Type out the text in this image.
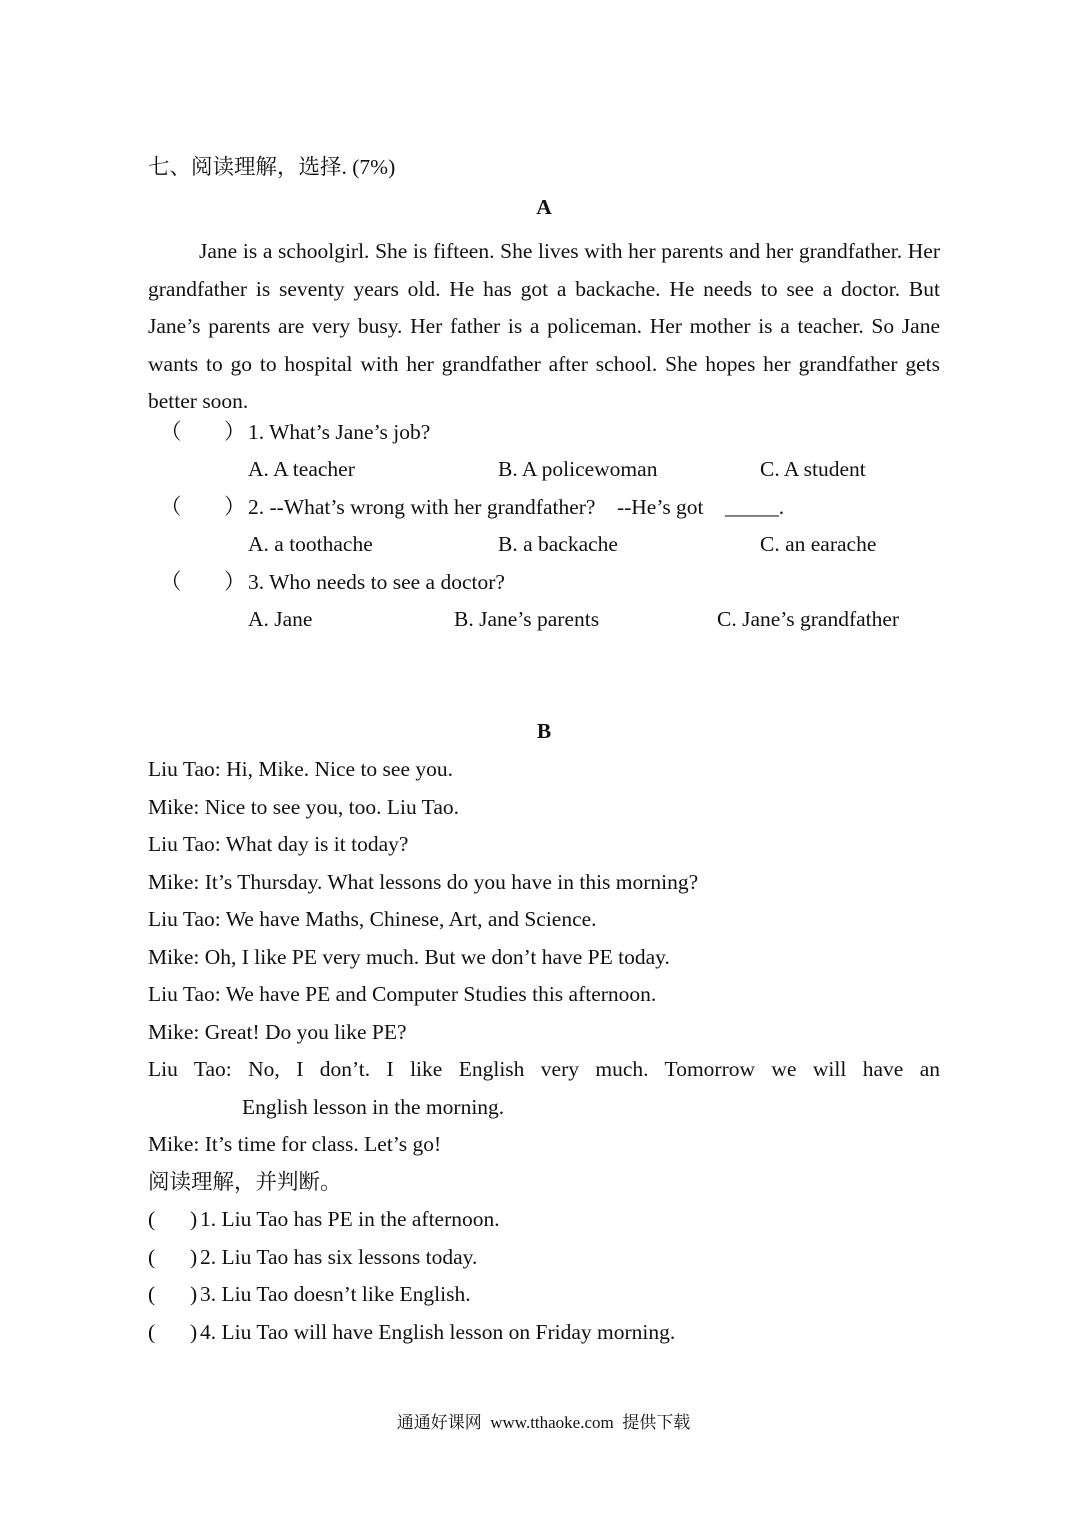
七、阅读理解，选择. (7%)
A

Jane is a schoolgirl. She is fifteen. She lives with her parents and her grandfather. Her grandfather is seventy years old. He has got a backache. He needs to see a doctor. But Jane’s parents are very busy. Her father is a policeman. Her mother is a teacher. So Jane wants to go to hospital with her grandfather after school. She hopes her grandfather gets better soon.

（ ） 1. What’s Jane’s job?
A. A teacher	B. A policewoman	C. A student
（ ） 2. --What’s wrong with her grandfather?    --He’s got    _____.
A. a toothache	B. a backache	C. an earache
（ ） 3. Who needs to see a doctor?
A. Jane	B. Jane’s parents	C. Jane’s grandfather
B
Liu Tao: Hi, Mike. Nice to see you.
Mike: Nice to see you, too. Liu Tao.
Liu Tao: What day is it today?
Mike: It’s Thursday. What lessons do you have in this morning?
Liu Tao: We have Maths, Chinese, Art, and Science.
Mike: Oh, I like PE very much. But we don’t have PE today.
Liu Tao: We have PE and Computer Studies this afternoon.
Mike: Great! Do you like PE?
Liu Tao: No, I don’t. I like English very much. Tomorrow we will have an
English lesson in the morning.
Mike: It’s time for class. Let’s go!
阅读理解，并判断。
( ) 1. Liu Tao has PE in the afternoon.
( ) 2. Liu Tao has six lessons today.
( ) 3. Liu Tao doesn’t like English.
( ) 4. Liu Tao will have English lesson on Friday morning.
通通好课网  www.tthaoke.com  提供下载
